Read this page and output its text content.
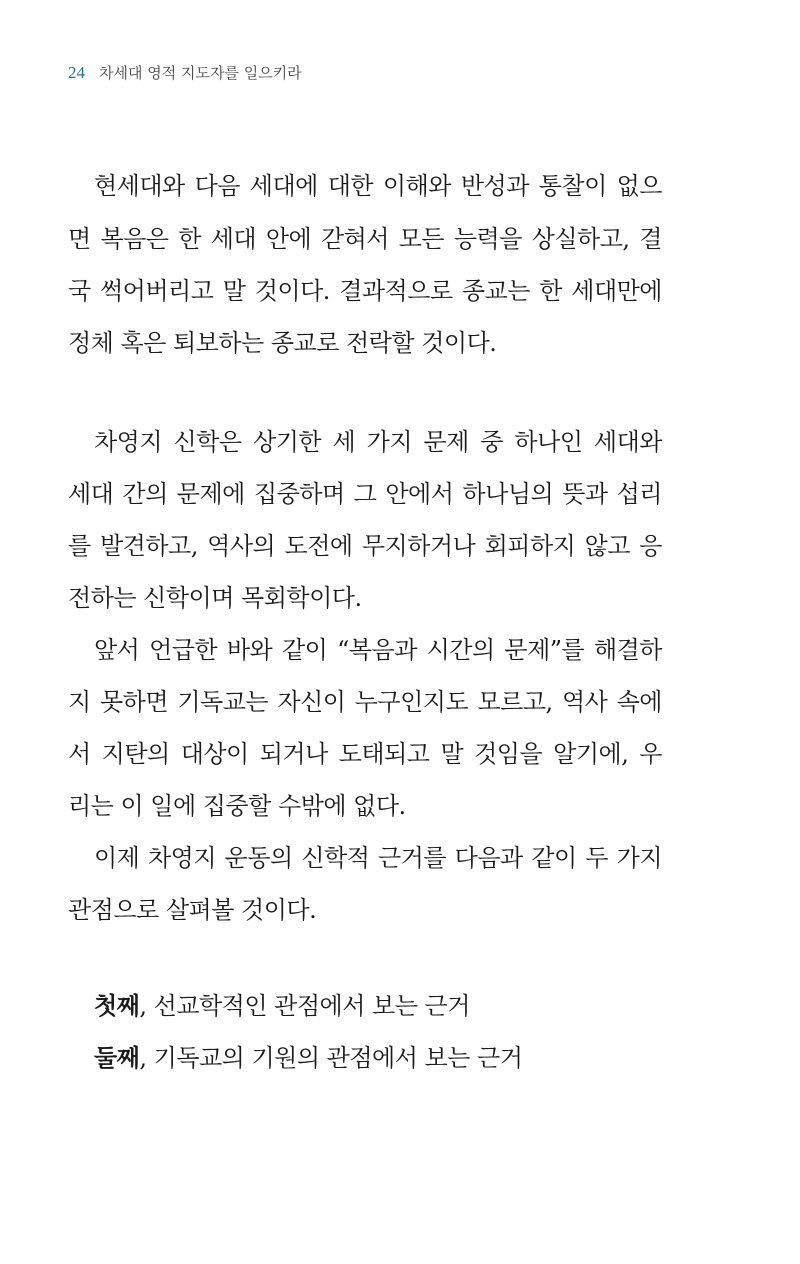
24 차세대 영적 지도자를 일으키라
현세대와 다음 세대에 대한 이해와 반성과 통찰이 없으
면 복음은 한 세대 안에 갇혀서 모든 능력을 상실하고, 결
국 썩어버리고 말 것이다. 결과적으로 종교는 한 세대만에
정체 혹은 퇴보하는 종교로 전락할 것이다.
차영지 신학은 상기한 세 가지 문제 중 하나인 세대와
세대 간의 문제에 집중하며 그 안에서 하나님의 뜻과 섭리
를 발견하고, 역사의 도전에 무지하거나 회피하지 않고 응
전하는 신학이며 목회학이다.
앞서 언급한 바와 같이 “복음과 시간의 문제”를 해결하
지 못하면 기독교는 자신이 누구인지도 모르고, 역사 속에
서 지탄의 대상이 되거나 도태되고 말 것임을 알기에, 우
리는 이 일에 집중할 수밖에 없다.
이제 차영지 운동의 신학적 근거를 다음과 같이 두 가지
관점으로 살펴볼 것이다.
첫째, 선교학적인 관점에서 보는 근거
둘째, 기독교의 기원의 관점에서 보는 근거
